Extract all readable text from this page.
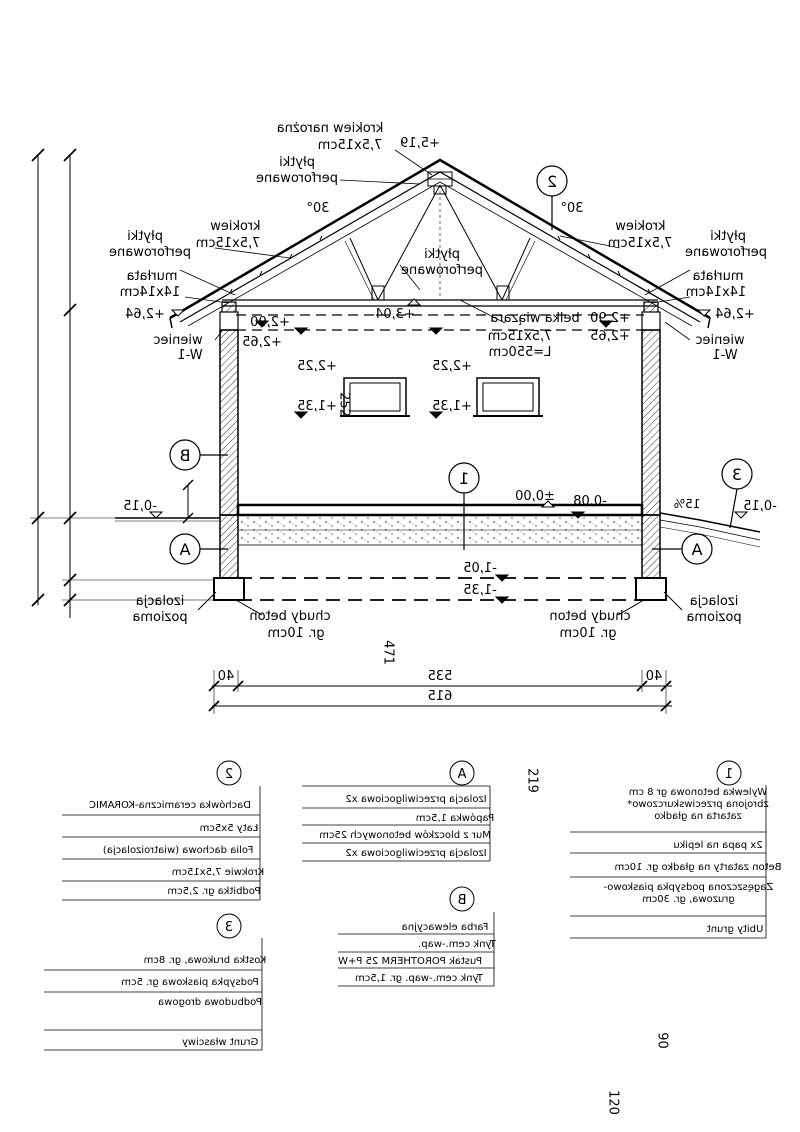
krokiew narożna
7,5x15cm +5,19
płytki
perforowane
30°	30°
krokiew
7,5x15cm
krokiew
7,5x15cm
płytki
perforowane
płytki
perforowane
płytki
perforowane
murłata
14x14cm
murłata
14x14cm
+2,64	+2,64
+2,90
+2,65
+2,90
+2,65
+3,04	belka wiązara
7,5x15cm
L=550cm
wieniec
W-1
wieniec
W-1
+2,25
+1,35
+2,25
+1,35
±0,00 -0,08
-0,15	-0,15
15%
-1,05
-1,35
izolacja
pozioma
izolacja
pozioma
chudy beton
gr. 10cm
chudy beton
gr. 10cm
2
1
B
A	A
3
471
120
252
219
90
40	535	40
615
1
Wylewka betonowa gr 8 cm zbrojona przeciwskurczowo* zatarta na gładko
2x papa na lepiku
Beton zatarty na gładko gr. 10cm
Zagęszczona podsypka piaskowo-gruzowa, gr. 30cm
Ubity grunt
A
Izolacja przeciwilgociowa x2
Papówka 1,5cm
Mur z bloczków betonowych 25cm
Izolacja przeciwilgociowa x2
2
Dachówka ceramiczna-KORAMIC
Łaty 5x5cm
Folia dachowa (wiatroizolacja)
Krokwie 7,5x15cm
Podbitka gr. 2,5cm
B
Farba elewacyjna
Tynk cem.-wap.
Pustak POROTHERM 25 P+W
Tynk cem.-wap. gr. 1,5cm
3
Kostka brukowa, gr. 8cm
Podsypka piaskowa gr. 5cm
Podbudowa drogowa
Grunt własciwy
